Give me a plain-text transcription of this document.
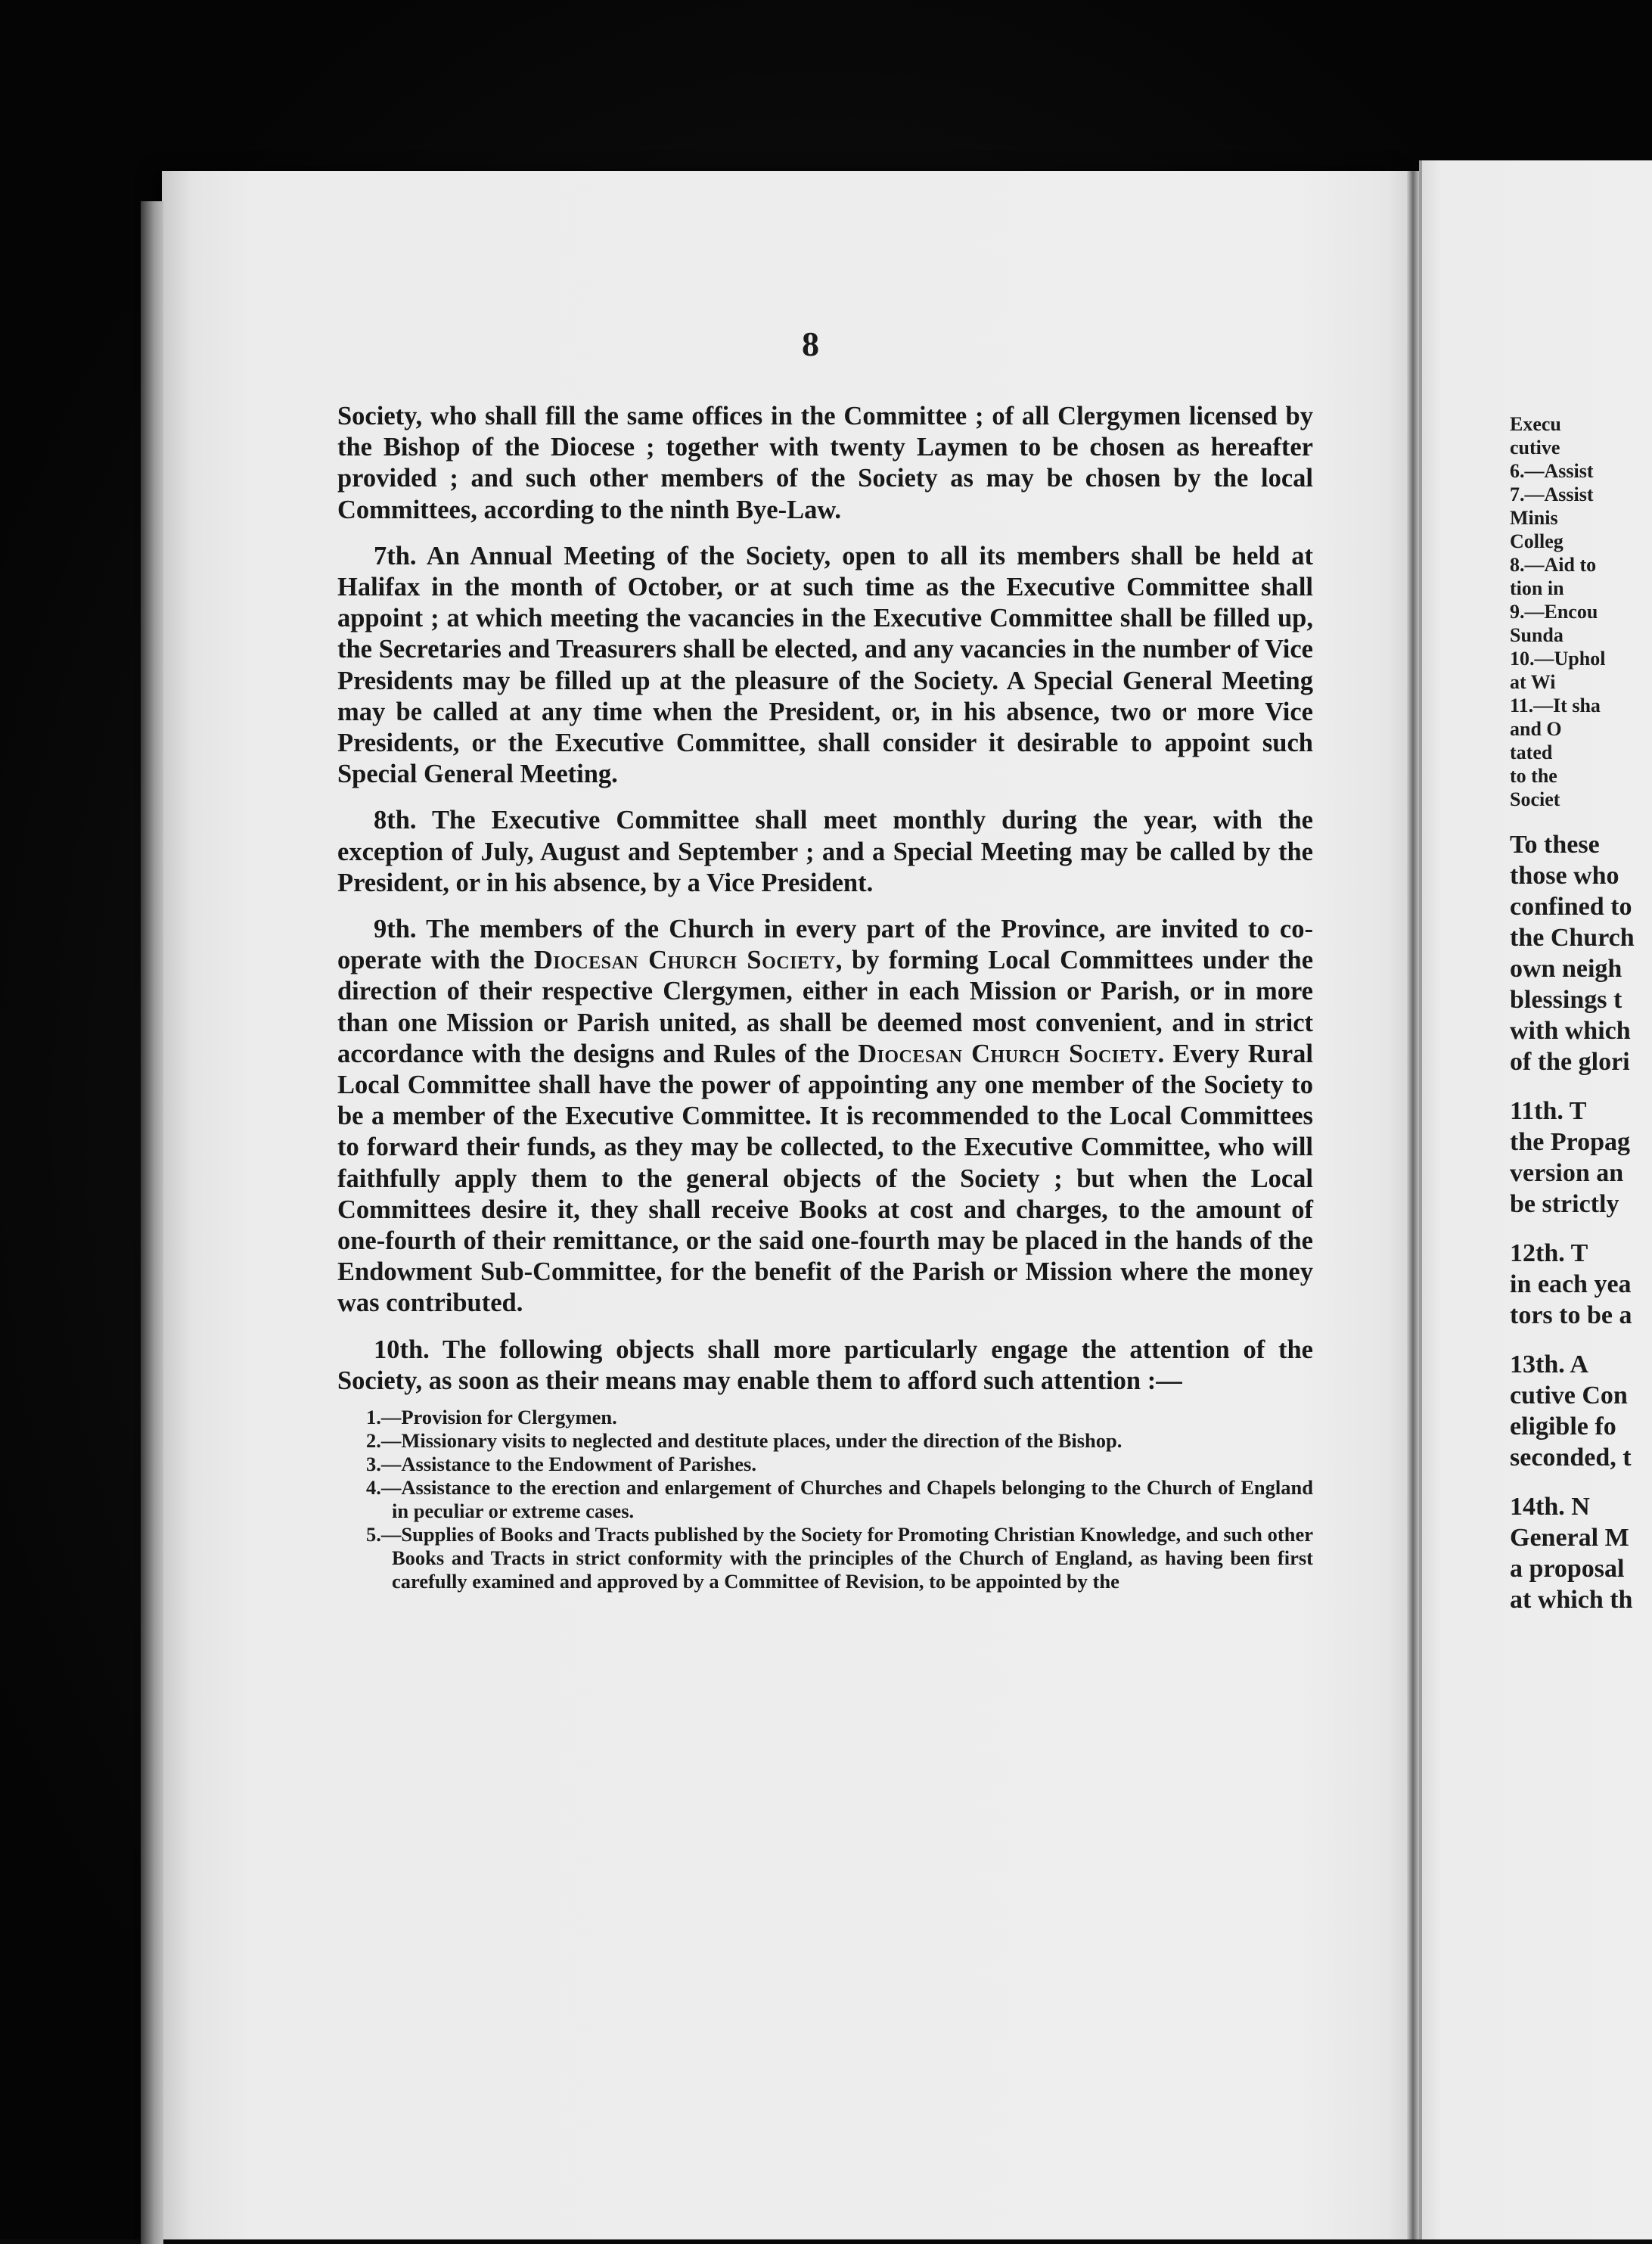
8

Society, who shall fill the same offices in the Committee ; of all Clergymen licensed by the Bishop of the Diocese ; together with twenty Laymen to be chosen as hereafter provided ; and such other members of the Society as may be chosen by the local Committees, according to the ninth Bye-Law.

7th. An Annual Meeting of the Society, open to all its members shall be held at Halifax in the month of October, or at such time as the Executive Committee shall appoint ; at which meeting the vacancies in the Executive Committee shall be filled up, the Secretaries and Treasurers shall be elected, and any vacancies in the number of Vice Presidents may be filled up at the pleasure of the Society. A Special General Meeting may be called at any time when the President, or, in his absence, two or more Vice Presidents, or the Executive Committee, shall consider it desirable to appoint such Special General Meeting.

8th. The Executive Committee shall meet monthly during the year, with the exception of July, August and September ; and a Special Meeting may be called by the President, or in his absence, by a Vice President.

9th. The members of the Church in every part of the Province, are invited to co-operate with the Diocesan Church Society, by forming Local Committees under the direction of their respective Clergymen, either in each Mission or Parish, or in more than one Mission or Parish united, as shall be deemed most convenient, and in strict accordance with the designs and Rules of the Diocesan Church Society. Every Rural Local Committee shall have the power of appointing any one member of the Society to be a member of the Executive Committee. It is recommended to the Local Committees to forward their funds, as they may be collected, to the Executive Committee, who will faithfully apply them to the general objects of the Society ; but when the Local Committees desire it, they shall receive Books at cost and charges, to the amount of one-fourth of their remittance, or the said one-fourth may be placed in the hands of the Endowment Sub-Committee, for the benefit of the Parish or Mission where the money was contributed.

10th. The following objects shall more particularly engage the attention of the Society, as soon as their means may enable them to afford such attention :—

1.—Provision for Clergymen.
2.—Missionary visits to neglected and destitute places, under the direction of the Bishop.
3.—Assistance to the Endowment of Parishes.
4.—Assistance to the erection and enlargement of Churches and Chapels belonging to the Church of England in peculiar or extreme cases.
5.—Supplies of Books and Tracts published by the Society for Promoting Christian Knowledge, and such other Books and Tracts in strict conformity with the principles of the Church of England, as having been first carefully examined and approved by a Committee of Revision, to be appointed by the
Execu
cutive
6.—Assist
7.—Assist
Minis
Colleg
8.—Aid to
tion in
9.—Encou
Sunda
10.—Uphol
at Wi
11.—It sha
and O
tated
to the
Societ
To these
those who
confined to
the Church
own neigh
blessings t
with which
of the glori
11th. T
the Propag
version an
be strictly
12th. T
in each yea
tors to be a
13th. A
cutive Con
eligible fo
seconded, t
14th. N
General M
a proposal
at which th
